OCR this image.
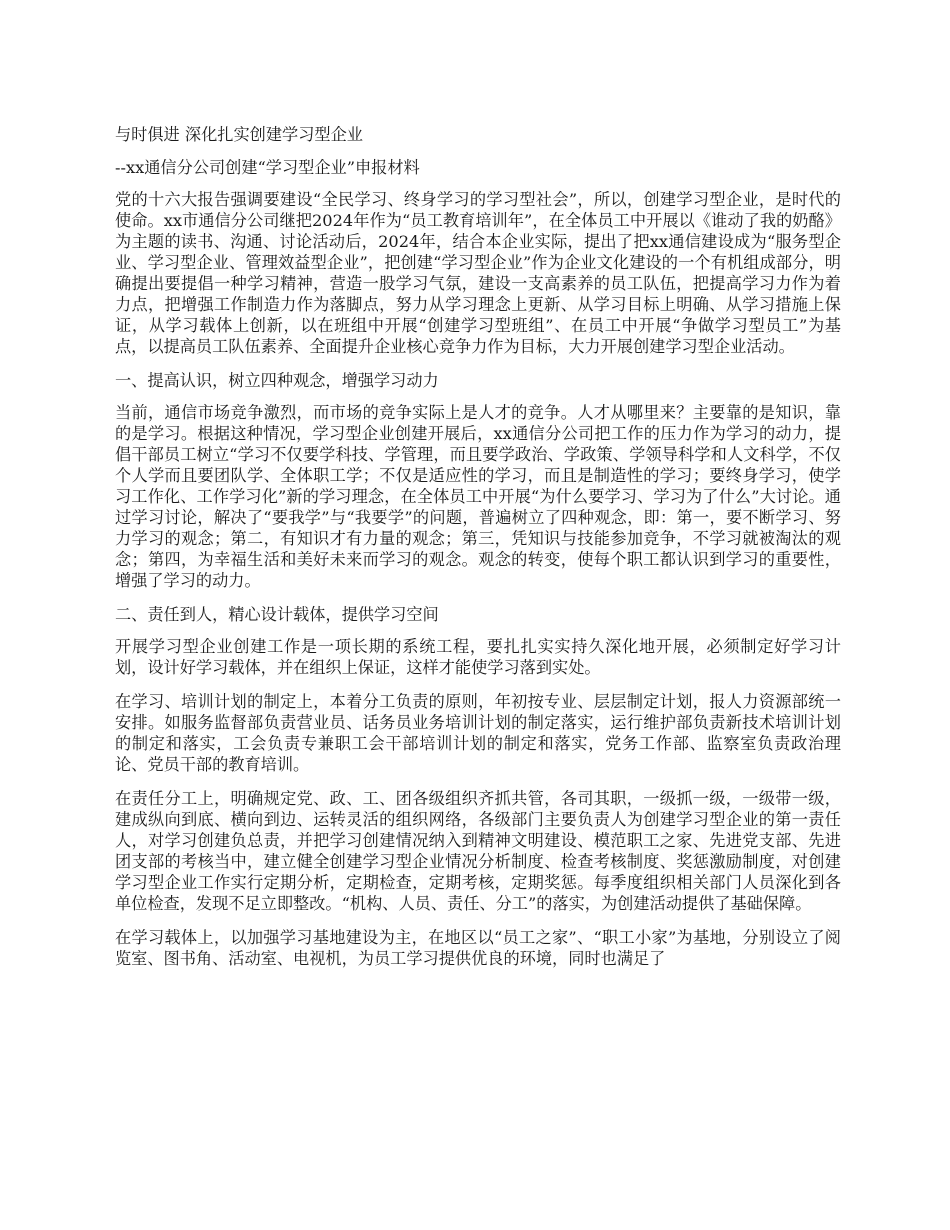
与时俱进 深化扎实创建学习型企业

--xx通信分公司创建“学习型企业”申报材料

党的十六大报告强调要建设“全民学习、终身学习的学习型社会”，所以，创建学习型企业，是时代的使命。xx市通信分公司继把2024年作为“员工教育培训年”，在全体员工中开展以《谁动了我的奶酪》为主题的读书、沟通、讨论活动后，2024年，结合本企业实际，提出了把xx通信建设成为“服务型企业、学习型企业、管理效益型企业”，把创建“学习型企业”作为企业文化建设的一个有机组成部分，明确提出要提倡一种学习精神，营造一股学习气氛，建设一支高素养的员工队伍，把提高学习力作为着力点，把增强工作制造力作为落脚点，努力从学习理念上更新、从学习目标上明确、从学习措施上保证，从学习载体上创新，以在班组中开展“创建学习型班组”、在员工中开展“争做学习型员工”为基点，以提高员工队伍素养、全面提升企业核心竞争力作为目标，大力开展创建学习型企业活动。

一、提高认识，树立四种观念，增强学习动力

当前，通信市场竞争激烈，而市场的竞争实际上是人才的竞争。人才从哪里来？主要靠的是知识，靠的是学习。根据这种情况，学习型企业创建开展后，xx通信分公司把工作的压力作为学习的动力，提倡干部员工树立“学习不仅要学科技、学管理，而且要学政治、学政策、学领导科学和人文科学，不仅个人学而且要团队学、全体职工学；不仅是适应性的学习，而且是制造性的学习；要终身学习，使学习工作化、工作学习化”新的学习理念，在全体员工中开展“为什么要学习、学习为了什么”大讨论。通过学习讨论，解决了“要我学”与“我要学”的问题，普遍树立了四种观念，即：第一，要不断学习、努力学习的观念；第二，有知识才有力量的观念；第三，凭知识与技能参加竞争，不学习就被淘汰的观念；第四，为幸福生活和美好未来而学习的观念。观念的转变，使每个职工都认识到学习的重要性，增强了学习的动力。

二、责任到人，精心设计载体，提供学习空间

开展学习型企业创建工作是一项长期的系统工程，要扎扎实实持久深化地开展，必须制定好学习计划，设计好学习载体，并在组织上保证，这样才能使学习落到实处。

在学习、培训计划的制定上，本着分工负责的原则，年初按专业、层层制定计划，报人力资源部统一安排。如服务监督部负责营业员、话务员业务培训计划的制定落实，运行维护部负责新技术培训计划的制定和落实，工会负责专兼职工会干部培训计划的制定和落实，党务工作部、监察室负责政治理论、党员干部的教育培训。

在责任分工上，明确规定党、政、工、团各级组织齐抓共管，各司其职，一级抓一级，一级带一级，建成纵向到底、横向到边、运转灵活的组织网络，各级部门主要负责人为创建学习型企业的第一责任人，对学习创建负总责，并把学习创建情况纳入到精神文明建设、模范职工之家、先进党支部、先进团支部的考核当中，建立健全创建学习型企业情况分析制度、检查考核制度、奖惩激励制度，对创建学习型企业工作实行定期分析，定期检查，定期考核，定期奖惩。每季度组织相关部门人员深化到各单位检查，发现不足立即整改。“机构、人员、责任、分工”的落实，为创建活动提供了基础保障。

在学习载体上，以加强学习基地建设为主，在地区以“员工之家”、“职工小家”为基地，分别设立了阅览室、图书角、活动室、电视机，为员工学习提供优良的环境，同时也满足了
